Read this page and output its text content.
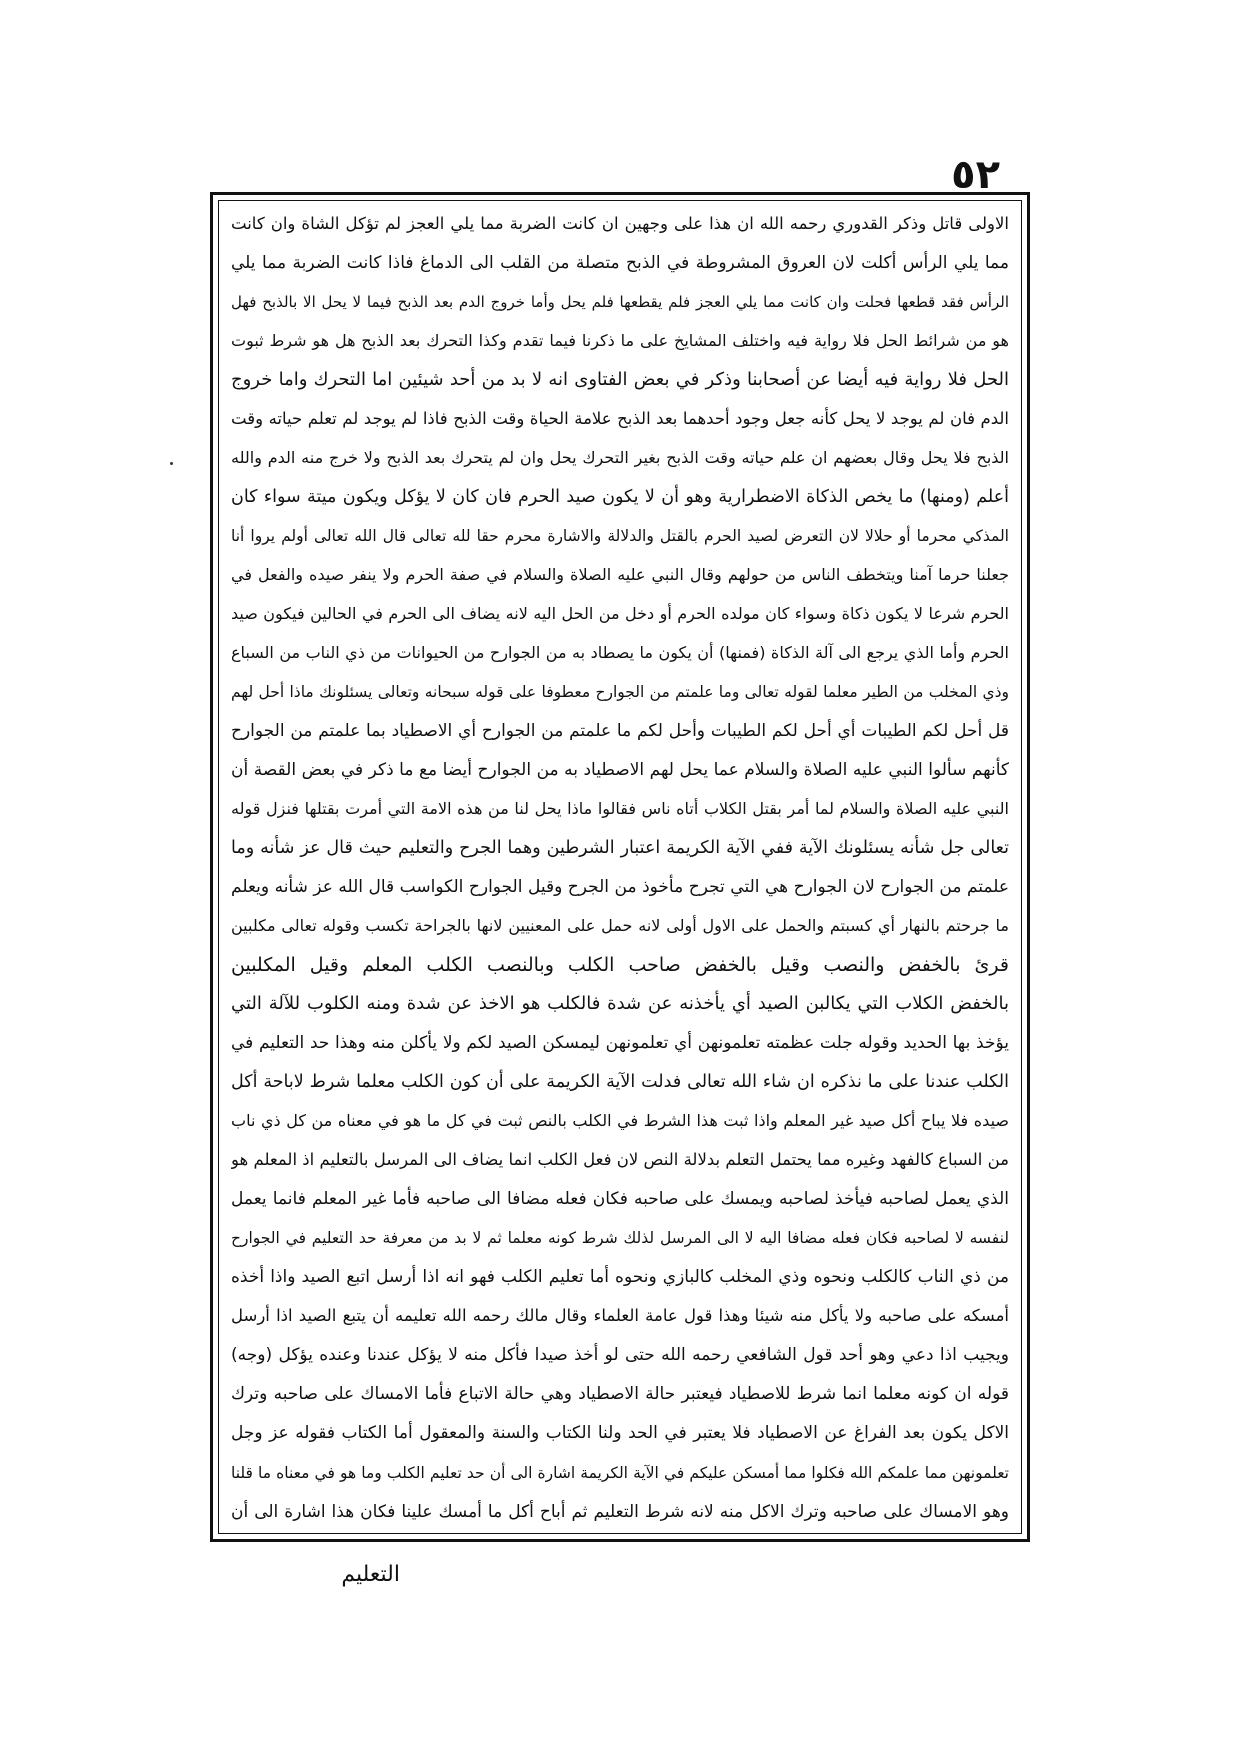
٥٢
الاولى قاتل وذكر القدوري رحمه الله ان هذا على وجهين ان كانت الضربة مما يلي العجز لم تؤكل الشاة وان كانت
مما يلي الرأس أكلت لان العروق المشروطة في الذبح متصلة من القلب الى الدماغ فاذا كانت الضربة مما يلي
الرأس فقد قطعها فحلت وان كانت مما يلي العجز فلم يقطعها فلم يحل وأما خروج الدم بعد الذبح فيما لا يحل الا بالذبح فهل
هو من شرائط الحل فلا رواية فيه واختلف المشايخ على ما ذكرنا فيما تقدم وكذا التحرك بعد الذبح هل هو شرط ثبوت
الحل فلا رواية فيه أيضا عن أصحابنا وذكر في بعض الفتاوى انه لا بد من أحد شيئين اما التحرك واما خروج
الدم فان لم يوجد لا يحل كأنه جعل وجود أحدهما بعد الذبح علامة الحياة وقت الذبح فاذا لم يوجد لم تعلم حياته وقت
الذبح فلا يحل وقال بعضهم ان علم حياته وقت الذبح بغير التحرك يحل وان لم يتحرك بعد الذبح ولا خرج منه الدم والله
أعلم (ومنها) ما يخص الذكاة الاضطرارية وهو أن لا يكون صيد الحرم فان كان لا يؤكل ويكون ميتة سواء كان
المذكي محرما أو حلالا لان التعرض لصيد الحرم بالقتل والدلالة والاشارة محرم حقا لله تعالى قال الله تعالى أولم يروا أنا
جعلنا حرما آمنا ويتخطف الناس من حولهم وقال النبي عليه الصلاة والسلام في صفة الحرم ولا ينفر صيده والفعل في
الحرم شرعا لا يكون ذكاة وسواء كان مولده الحرم أو دخل من الحل اليه لانه يضاف الى الحرم في الحالين فيكون صيد
الحرم وأما الذي يرجع الى آلة الذكاة (فمنها) أن يكون ما يصطاد به من الجوارح من الحيوانات من ذي الناب من السباع
وذي المخلب من الطير معلما لقوله تعالى وما علمتم من الجوارح معطوفا على قوله سبحانه وتعالى يسئلونك ماذا أحل لهم
قل أحل لكم الطيبات أي أحل لكم الطيبات وأحل لكم ما علمتم من الجوارح أي الاصطياد بما علمتم من الجوارح
كأنهم سألوا النبي عليه الصلاة والسلام عما يحل لهم الاصطياد به من الجوارح أيضا مع ما ذكر في بعض القصة أن
النبي عليه الصلاة والسلام لما أمر بقتل الكلاب أتاه ناس فقالوا ماذا يحل لنا من هذه الامة التي أمرت بقتلها فنزل قوله
تعالى جل شأنه يسئلونك الآية ففي الآية الكريمة اعتبار الشرطين وهما الجرح والتعليم حيث قال عز شأنه وما
علمتم من الجوارح لان الجوارح هي التي تجرح مأخوذ من الجرح وقيل الجوارح الكواسب قال الله عز شأنه ويعلم
ما جرحتم بالنهار أي كسبتم والحمل على الاول أولى لانه حمل على المعنيين لانها بالجراحة تكسب وقوله تعالى مكلبين
قرئ بالخفض والنصب وقيل بالخفض صاحب الكلب وبالنصب الكلب المعلم وقيل المكلبين
بالخفض الكلاب التي يكالبن الصيد أي يأخذنه عن شدة فالكلب هو الاخذ عن شدة ومنه الكلوب للآلة التي
يؤخذ بها الحديد وقوله جلت عظمته تعلمونهن أي تعلمونهن ليمسكن الصيد لكم ولا يأكلن منه وهذا حد التعليم في
الكلب عندنا على ما نذكره ان شاء الله تعالى فدلت الآية الكريمة على أن كون الكلب معلما شرط لاباحة أكل
صيده فلا يباح أكل صيد غير المعلم واذا ثبت هذا الشرط في الكلب بالنص ثبت في كل ما هو في معناه من كل ذي ناب
من السباع كالفهد وغيره مما يحتمل التعلم بدلالة النص لان فعل الكلب انما يضاف الى المرسل بالتعليم اذ المعلم هو
الذي يعمل لصاحبه فيأخذ لصاحبه ويمسك على صاحبه فكان فعله مضافا الى صاحبه فأما غير المعلم فانما يعمل
لنفسه لا لصاحبه فكان فعله مضافا اليه لا الى المرسل لذلك شرط كونه معلما ثم لا بد من معرفة حد التعليم في الجوارح
من ذي الناب كالكلب ونحوه وذي المخلب كالبازي ونحوه أما تعليم الكلب فهو انه اذا أرسل اتبع الصيد واذا أخذه
أمسكه على صاحبه ولا يأكل منه شيئا وهذا قول عامة العلماء وقال مالك رحمه الله تعليمه أن يتبع الصيد اذا أرسل
ويجيب اذا دعي وهو أحد قول الشافعي رحمه الله حتى لو أخذ صيدا فأكل منه لا يؤكل عندنا وعنده يؤكل (وجه)
قوله ان كونه معلما انما شرط للاصطياد فيعتبر حالة الاصطياد وهي حالة الاتباع فأما الامساك على صاحبه وترك
الاكل يكون بعد الفراغ عن الاصطياد فلا يعتبر في الحد ولنا الكتاب والسنة والمعقول أما الكتاب فقوله عز وجل
تعلمونهن مما علمكم الله فكلوا مما أمسكن عليكم في الآية الكريمة اشارة الى أن حد تعليم الكلب وما هو في معناه ما قلنا
وهو الامساك على صاحبه وترك الاكل منه لانه شرط التعليم ثم أباح أكل ما أمسك علينا فكان هذا اشارة الى أن
التعليم
